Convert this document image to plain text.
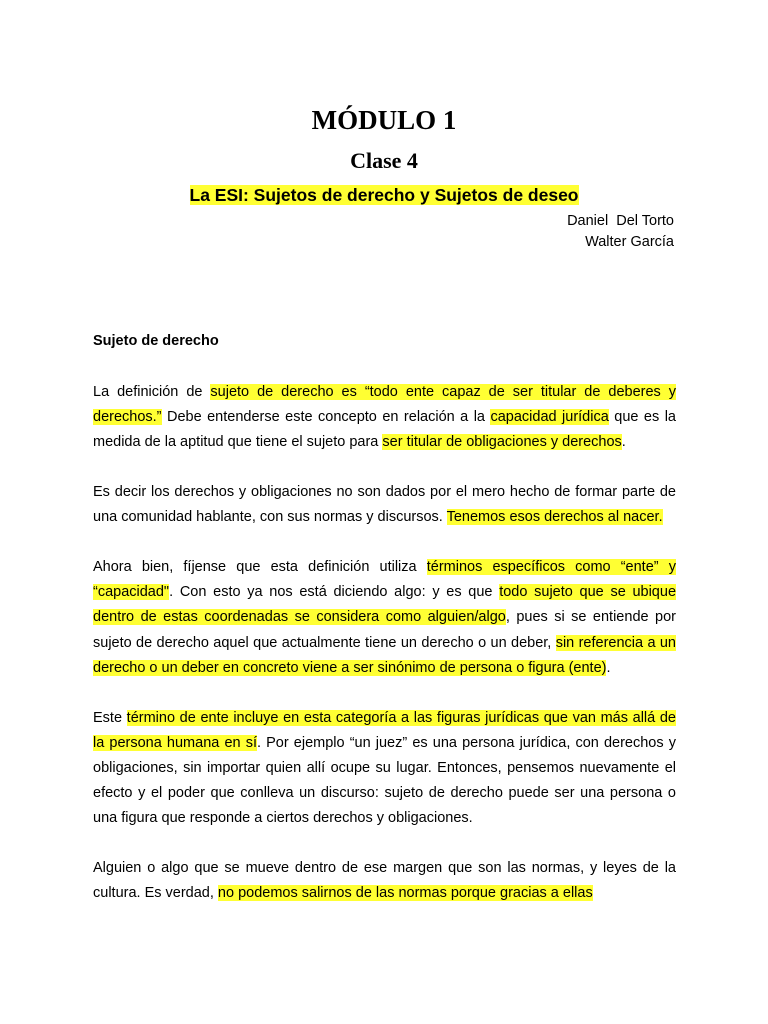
MÓDULO 1
Clase 4
La ESI: Sujetos de derecho y Sujetos de deseo
Daniel  Del Torto
Walter García
Sujeto de derecho

La definición de sujeto de derecho es “todo ente capaz de ser titular de deberes y derechos.” Debe entenderse este concepto en relación a la capacidad jurídica que es la medida de la aptitud que tiene el sujeto para ser titular de obligaciones y derechos.

Es decir los derechos y obligaciones no son dados por el mero hecho de formar parte de una comunidad hablante, con sus normas y discursos. Tenemos esos derechos al nacer.

Ahora bien, fíjense que esta definición utiliza términos específicos como “ente” y “capacidad". Con esto ya nos está diciendo algo: y es que todo sujeto que se ubique dentro de estas coordenadas se considera como alguien/algo, pues si se entiende por sujeto de derecho aquel que actualmente tiene un derecho o un deber, sin referencia a un derecho o un deber en concreto viene a ser sinónimo de persona o figura (ente).

Este término de ente incluye en esta categoría a las figuras jurídicas que van más allá de la persona humana en sí. Por ejemplo “un juez” es una persona jurídica, con derechos y obligaciones, sin importar quien allí ocupe su lugar. Entonces, pensemos nuevamente el efecto y el poder que conlleva un discurso: sujeto de derecho puede ser una persona o una figura que responde a ciertos derechos y obligaciones.

Alguien o algo que se mueve dentro de ese margen que son las normas, y leyes de la cultura. Es verdad, no podemos salirnos de las normas porque gracias a ellas
